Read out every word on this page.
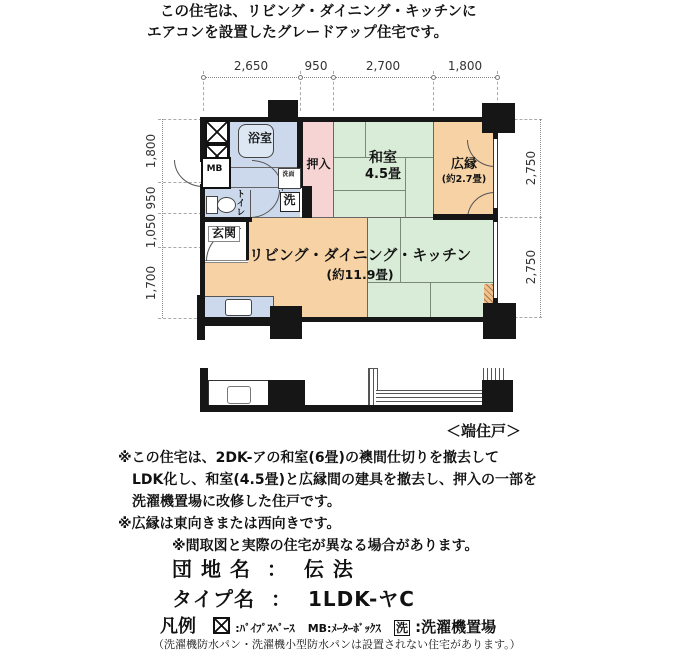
この住宅は、リビング・ダイニング・キッチンに
エアコンを設置したグレードアップ住宅です。
2,650	950	2,700	1,800
1,800
950
1,050
1,700
2,750
2,750
MB
浴室
洗面
トイレ	洗
押入	和室
4.5畳
広縁
(約2.7畳)
玄関
リビング・ダイニング・キッチン
(約11.9畳)
＜端住戸＞
※この住宅は、2DK-アの和室(6畳)の襖間仕切りを撤去して
LDK化し、和室(4.5畳)と広縁間の建具を撤去し、押入の一部を
洗濯機置場に改修した住戸です。
※広縁は東向きまたは西向きです。
※間取図と実際の住宅が異なる場合があります。
団 地 名 ： 伝 法
タイプ名 ： 1LDK-ヤC
凡例	:ﾊﾟｲﾌﾟｽﾍﾟｰｽ MB:ﾒｰﾀｰﾎﾞｯｸｽ 洗 :洗濯機置場
（洗濯機防水パン・洗濯機小型防水パンは設置されない住宅があります。）
